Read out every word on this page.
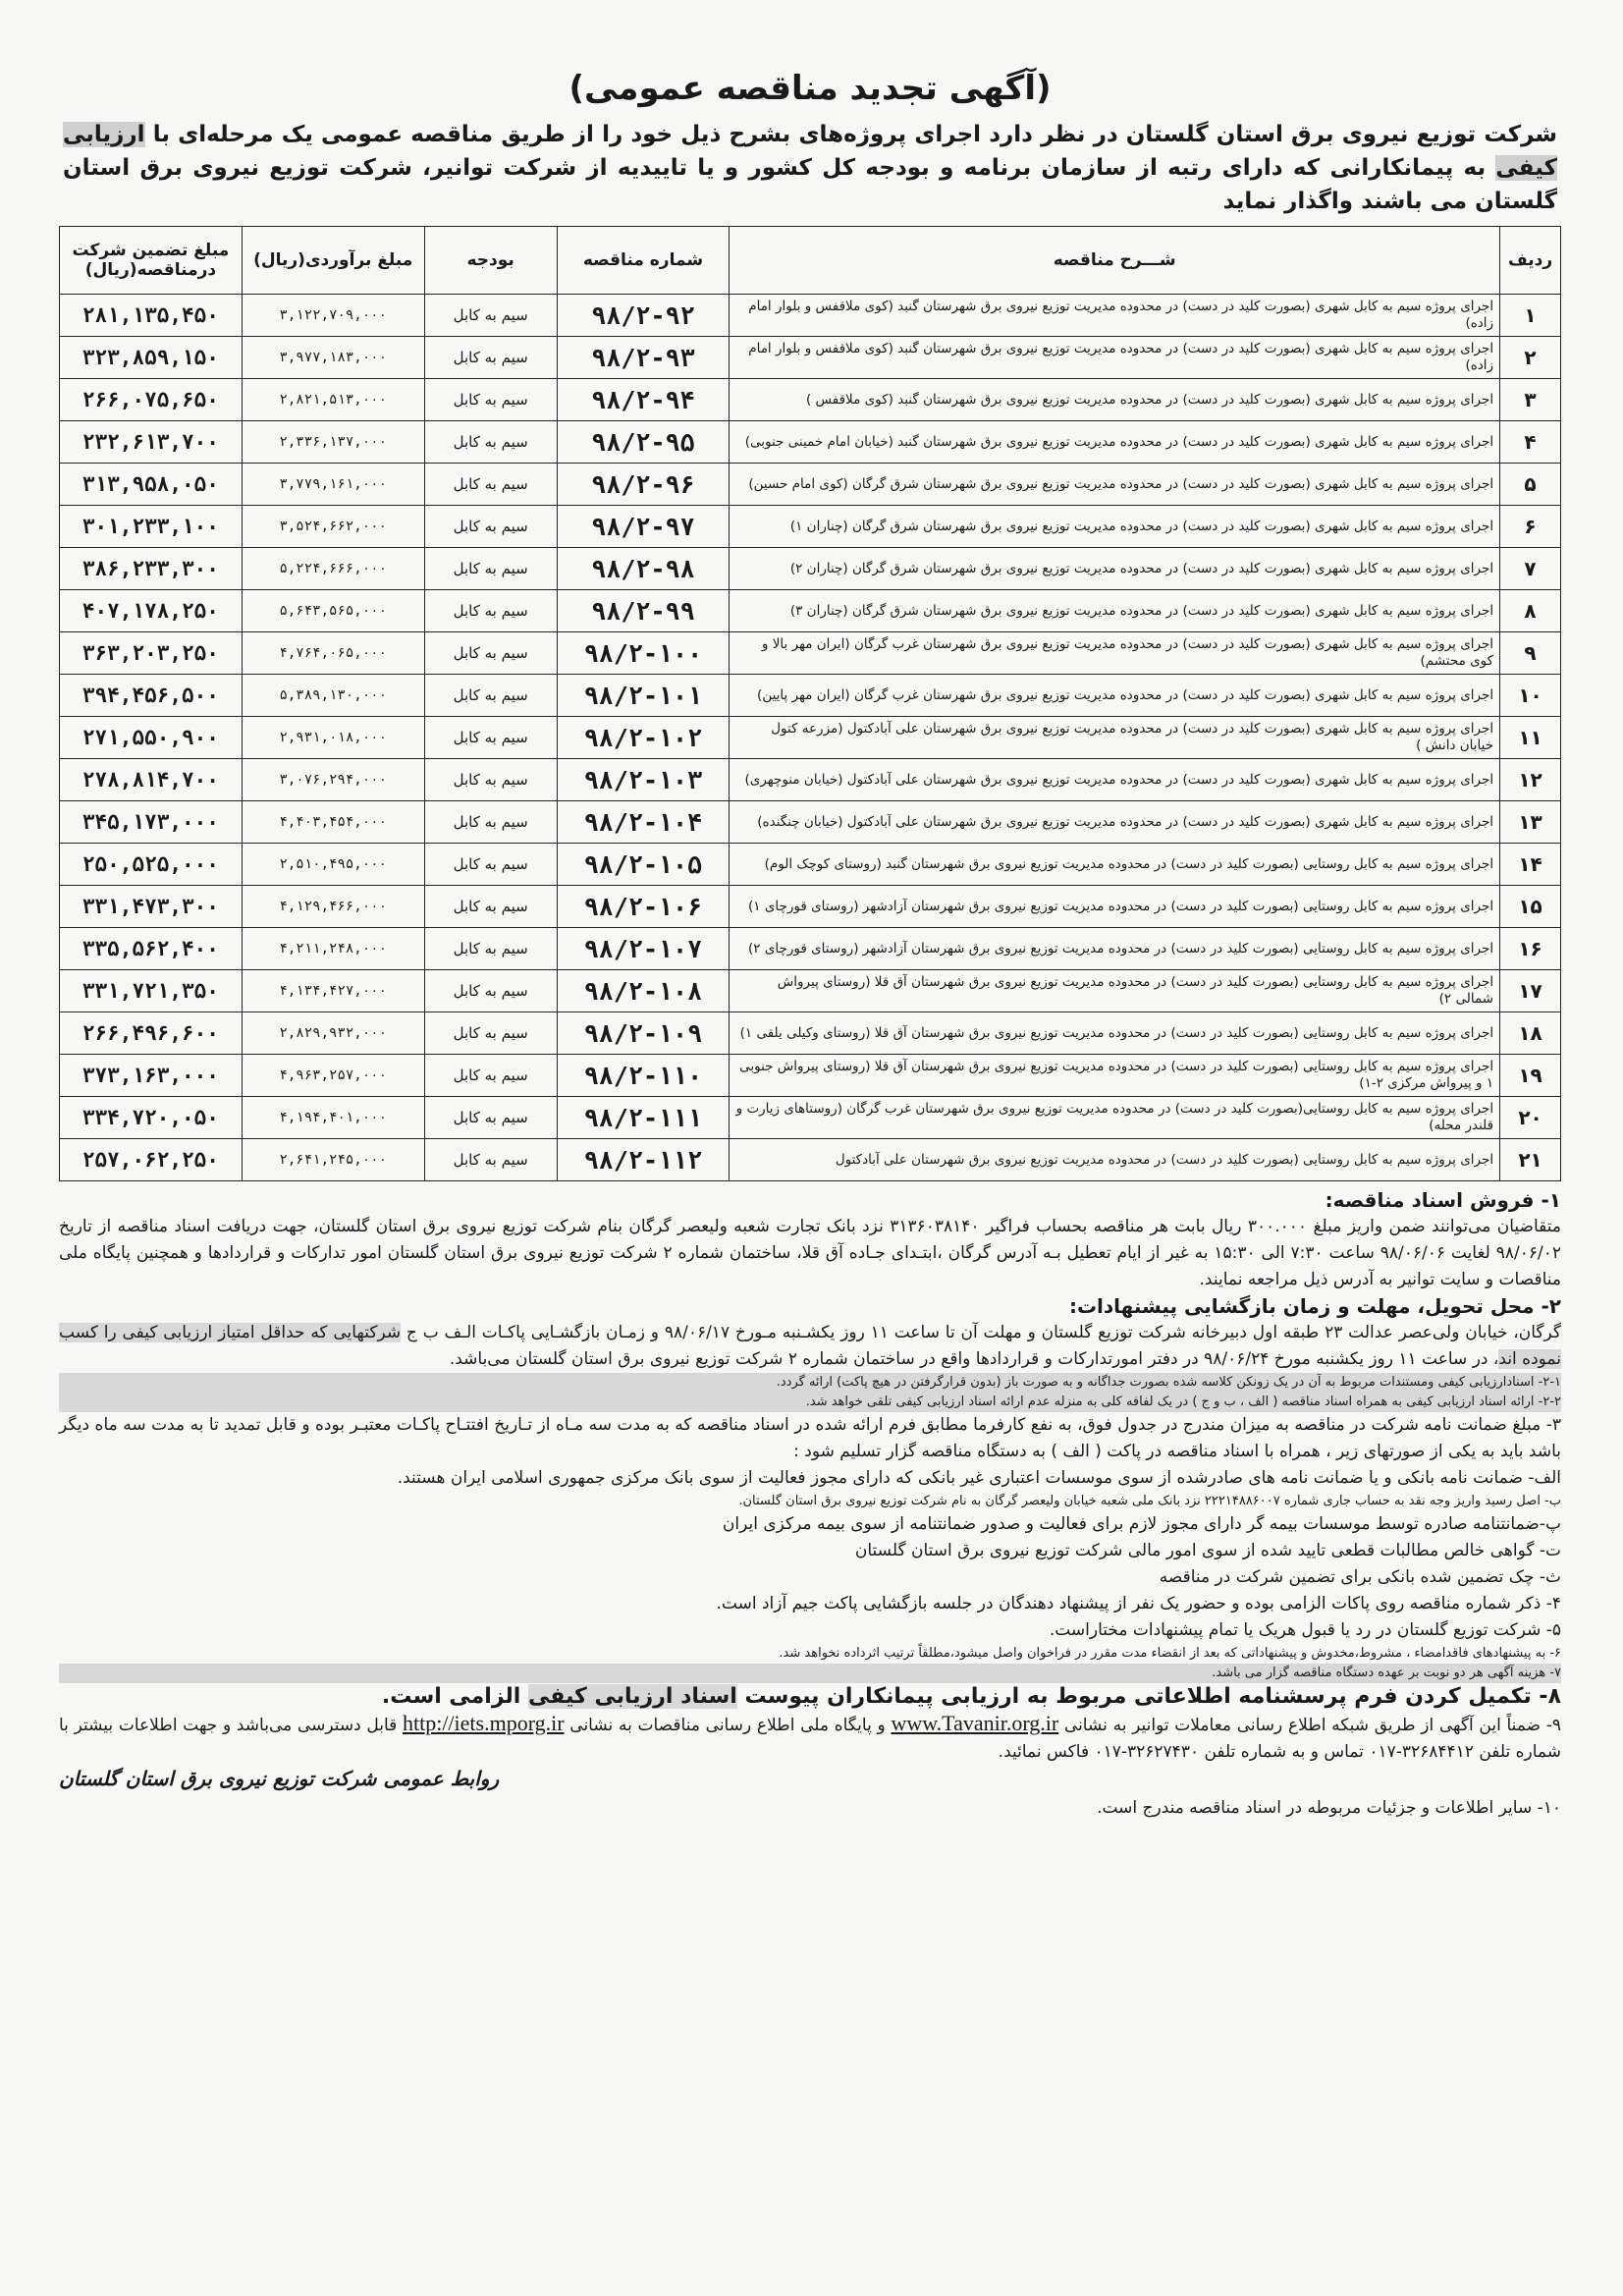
(آگهی تجدید مناقصه عمومی)

شرکت توزیع نیروی برق استان گلستان در نظر دارد اجرای پروژه‌های بشرح ذیل خود را از طریق مناقصه عمومی یک مرحله‌ای با ارزیابی کیفی به پیمانکارانی که دارای رتبه از سازمان برنامه و بودجه کل کشور و یا تاییدیه از شرکت توانیر، شرکت توزیع نیروی برق استان گلستان می باشند واگذار نماید

ردیف	شـــرح مناقصه	شماره مناقصه	بودجه	مبلغ برآوردی(ریال)	مبلغ تضمین شرکت درمناقصه(ریال)
۱	اجرای پروژه سیم به کابل شهری (بصورت کلید در دست) در محدوده مدیریت توزیع نیروی برق شهرستان گنبد (کوی ملاقفس و بلوار امام زاده)	۹۸/۲-۹۲	سیم به کابل	۳,۱۲۲,۷۰۹,۰۰۰	۲۸۱,۱۳۵,۴۵۰
۲	اجرای پروژه سیم به کابل شهری (بصورت کلید در دست) در محدوده مدیریت توزیع نیروی برق شهرستان گنبد (کوی ملاقفس و بلوار امام زاده)	۹۸/۲-۹۳	سیم به کابل	۳,۹۷۷,۱۸۳,۰۰۰	۳۲۳,۸۵۹,۱۵۰
۳	اجرای پروژه سیم به کابل شهری (بصورت کلید در دست) در محدوده مدیریت توزیع نیروی برق شهرستان گنبد (کوی ملاقفس )	۹۸/۲-۹۴	سیم به کابل	۲,۸۲۱,۵۱۳,۰۰۰	۲۶۶,۰۷۵,۶۵۰
۴	اجرای پروژه سیم به کابل شهری (بصورت کلید در دست) در محدوده مدیریت توزیع نیروی برق شهرستان گنبد (خیابان امام خمینی جنوبی)	۹۸/۲-۹۵	سیم به کابل	۲,۳۳۶,۱۳۷,۰۰۰	۲۳۲,۶۱۳,۷۰۰
۵	اجرای پروژه سیم به کابل شهری (بصورت کلید در دست) در محدوده مدیریت توزیع نیروی برق شهرستان شرق گرگان (کوی امام حسین)	۹۸/۲-۹۶	سیم به کابل	۳,۷۷۹,۱۶۱,۰۰۰	۳۱۳,۹۵۸,۰۵۰
۶	اجرای پروژه سیم به کابل شهری (بصورت کلید در دست) در محدوده مدیریت توزیع نیروی برق شهرستان شرق گرگان (چناران ۱)	۹۸/۲-۹۷	سیم به کابل	۳,۵۲۴,۶۶۲,۰۰۰	۳۰۱,۲۳۳,۱۰۰
۷	اجرای پروژه سیم به کابل شهری (بصورت کلید در دست) در محدوده مدیریت توزیع نیروی برق شهرستان شرق گرگان (چناران ۲)	۹۸/۲-۹۸	سیم به کابل	۵,۲۲۴,۶۶۶,۰۰۰	۳۸۶,۲۳۳,۳۰۰
۸	اجرای پروژه سیم به کابل شهری (بصورت کلید در دست) در محدوده مدیریت توزیع نیروی برق شهرستان شرق گرگان (چناران ۳)	۹۸/۲-۹۹	سیم به کابل	۵,۶۴۳,۵۶۵,۰۰۰	۴۰۷,۱۷۸,۲۵۰
۹	اجرای پروژه سیم به کابل شهری (بصورت کلید در دست) در محدوده مدیریت توزیع نیروی برق شهرستان غرب گرگان (ایران مهر بالا و کوی محتشم)	۹۸/۲-۱۰۰	سیم به کابل	۴,۷۶۴,۰۶۵,۰۰۰	۳۶۳,۲۰۳,۲۵۰
۱۰	اجرای پروژه سیم به کابل شهری (بصورت کلید در دست) در محدوده مدیریت توزیع نیروی برق شهرستان غرب گرگان (ایران مهر پایین)	۹۸/۲-۱۰۱	سیم به کابل	۵,۳۸۹,۱۳۰,۰۰۰	۳۹۴,۴۵۶,۵۰۰
۱۱	اجرای پروژه سیم به کابل شهری (بصورت کلید در دست) در محدوده مدیریت توزیع نیروی برق شهرستان علی آبادکتول (مزرعه کتول خیابان دانش )	۹۸/۲-۱۰۲	سیم به کابل	۲,۹۳۱,۰۱۸,۰۰۰	۲۷۱,۵۵۰,۹۰۰
۱۲	اجرای پروژه سیم به کابل شهری (بصورت کلید در دست) در محدوده مدیریت توزیع نیروی برق شهرستان علی آبادکتول (خیابان منوچهری)	۹۸/۲-۱۰۳	سیم به کابل	۳,۰۷۶,۲۹۴,۰۰۰	۲۷۸,۸۱۴,۷۰۰
۱۳	اجرای پروژه سیم به کابل شهری (بصورت کلید در دست) در محدوده مدیریت توزیع نیروی برق شهرستان علی آبادکتول (خیابان چنگنده)	۹۸/۲-۱۰۴	سیم به کابل	۴,۴۰۳,۴۵۴,۰۰۰	۳۴۵,۱۷۳,۰۰۰
۱۴	اجرای پروژه سیم به کابل روستایی (بصورت کلید در دست) در محدوده مدیریت توزیع نیروی برق شهرستان گنبد (روستای کوچک الوم)	۹۸/۲-۱۰۵	سیم به کابل	۲,۵۱۰,۴۹۵,۰۰۰	۲۵۰,۵۲۵,۰۰۰
۱۵	اجرای پروژه سیم به کابل روستایی (بصورت کلید در دست) در محدوده مدیریت توزیع نیروی برق شهرستان آزادشهر (روستای قورچای ۱)	۹۸/۲-۱۰۶	سیم به کابل	۴,۱۲۹,۴۶۶,۰۰۰	۳۳۱,۴۷۳,۳۰۰
۱۶	اجرای پروژه سیم به کابل روستایی (بصورت کلید در دست) در محدوده مدیریت توزیع نیروی برق شهرستان آزادشهر (روستای قورچای ۲)	۹۸/۲-۱۰۷	سیم به کابل	۴,۲۱۱,۲۴۸,۰۰۰	۳۳۵,۵۶۲,۴۰۰
۱۷	اجرای پروژه سیم به کابل روستایی (بصورت کلید در دست) در محدوده مدیریت توزیع نیروی برق شهرستان آق قلا (روستای پیرواش شمالی ۲)	۹۸/۲-۱۰۸	سیم به کابل	۴,۱۳۴,۴۲۷,۰۰۰	۳۳۱,۷۲۱,۳۵۰
۱۸	اجرای پروژه سیم به کابل روستایی (بصورت کلید در دست) در محدوده مدیریت توزیع نیروی برق شهرستان آق قلا (روستای وکیلی یلقی ۱)	۹۸/۲-۱۰۹	سیم به کابل	۲,۸۲۹,۹۳۲,۰۰۰	۲۶۶,۴۹۶,۶۰۰
۱۹	اجرای پروژه سیم به کابل روستایی (بصورت کلید در دست) در محدوده مدیریت توزیع نیروی برق شهرستان آق قلا (روستای پیرواش جنوبی ۱ و پیرواش مرکزی ۲-۱)	۹۸/۲-۱۱۰	سیم به کابل	۴,۹۶۳,۲۵۷,۰۰۰	۳۷۳,۱۶۳,۰۰۰
۲۰	اجرای پروژه سیم به کابل روستایی(بصورت کلید در دست) در محدوده مدیریت توزیع نیروی برق شهرستان غرب گرگان (روستاهای زیارت و قلندر محله)	۹۸/۲-۱۱۱	سیم به کابل	۴,۱۹۴,۴۰۱,۰۰۰	۳۳۴,۷۲۰,۰۵۰
۲۱	اجرای پروژه سیم به کابل روستایی (بصورت کلید در دست) در محدوده مدیریت توزیع نیروی برق شهرستان علی آبادکتول	۹۸/۲-۱۱۲	سیم به کابل	۲,۶۴۱,۲۴۵,۰۰۰	۲۵۷,۰۶۲,۲۵۰

۱- فروش اسناد مناقصه:

متقاضیان می‌توانند ضمن واریز مبلغ ۳۰۰.۰۰۰ ریال بابت هر مناقصه بحساب فراگیر ۳۱۳۶۰۳۸۱۴۰ نزد بانک تجارت شعبه ولیعصر گرگان بنام شرکت توزیع نیروی برق استان گلستان، جهت دریافت اسناد مناقصه از تاریخ ۹۸/۰۶/۰۲ لغایت ۹۸/۰۶/۰۶ ساعت ۷:۳۰ الی ۱۵:۳۰ به غیر از ایام تعطیل بـه آدرس گرگان ،ابتـدای جـاده آق قلا، ساختمان شماره ۲ شرکت توزیع نیروی برق استان گلستان امور تدارکات و قراردادها و همچنین پایگاه ملی مناقصات و سایت توانیر به آدرس ذیل مراجعه نمایند.

۲- محل تحویل، مهلت و زمان بازگشایی پیشنهادات:

گرگان، خیابان ولی‌عصر عدالت ۲۳ طبقه اول دبیرخانه شرکت توزیع گلستان و مهلت آن تا ساعت ۱۱ روز یکشـنبه مـورخ ۹۸/۰۶/۱۷ و زمـان بازگشـایی پاکـات الـف ب ج شرکتهایی که حداقل امتیاز ارزیابی کیفی را کسب نموده اند، در ساعت ۱۱ روز یکشنبه مورخ ۹۸/۰۶/۲۴ در دفتر امورتدارکات و قراردادها واقع در ساختمان شماره ۲ شرکت توزیع نیروی برق استان گلستان می‌باشد.

۲-۱- اسنادارزیابی کیفی ومستندات مربوط به آن در یک زونکن کلاسه شده بصورت جداگانه و به صورت باز (بدون قرارگرفتن در هیچ پاکت) ارائه گردد.

۲-۲- ارائه اسناد ارزیابی کیفی به همراه اسناد مناقصه ( الف ، ب و ج ) در یک لفافه کلی به منزله عدم ارائه اسناد ارزیابی کیفی تلقی خواهد شد.

۳- مبلغ ضمانت نامه شرکت در مناقصه به میزان مندرج در جدول فوق، به نفع کارفرما مطابق فرم ارائه شده در اسناد مناقصه که به مدت سه مـاه از تـاریخ افتتـاح پاکـات معتبـر بوده و قابل تمدید تا به مدت سه ماه دیگر باشد باید به یکی از صورتهای زیر ، همراه با اسناد مناقصه در پاکت ( الف ) به دستگاه مناقصه گزار تسلیم شود :

الف- ضمانت نامه بانکی و یا ضمانت نامه های صادرشده از سوی موسسات اعتباری غیر بانکی که دارای مجوز فعالیت از سوی بانک مرکزی جمهوری اسلامی ایران هستند.

ب- اصل رسید واریز وجه نقد به حساب جاری شماره ۲۲۲۱۴۸۸۶۰۰۷ نزد بانک ملی شعبه خیابان ولیعصر گرگان به نام شرکت توزیع نیروی برق استان گلستان.

پ-ضمانتنامه صادره توسط موسسات بیمه گر دارای مجوز لازم برای فعالیت و صدور ضمانتنامه از سوی بیمه مرکزی ایران

ت- گواهی خالص مطالبات قطعی تایید شده از سوی امور مالی شرکت توزیع نیروی برق استان گلستان

ث- چک تضمین شده بانکی برای تضمین شرکت در مناقصه

۴- ذکر شماره مناقصه روی پاکات الزامی بوده و حضور یک نفر از پیشنهاد دهندگان در جلسه بازگشایی پاکت جیم آزاد است.

۵- شرکت توزیع گلستان در رد یا قبول هریک یا تمام پیشنهادات مختاراست.

۶- به پیشنهادهای فاقدامضاء ، مشروط،مخدوش و پیشنهاداتی که بعد از انقضاء مدت مقرر در فراخوان واصل میشود،مطلقاً ترتیب اثرداده نخواهد شد.

۷- هزینه آگهی هر دو نوبت بر عهده دستگاه مناقصه گزار می باشد.

۸- تکمیل کردن فرم پرسشنامه اطلاعاتی مربوط به ارزیابی پیمانکاران پیوست اسناد ارزیابی کیفی الزامی است.

۹- ضمناً این آگهی از طریق شبکه اطلاع رسانی معاملات توانیر به نشانی www.Tavanir.org.ir و پایگاه ملی اطلاع رسانی مناقصات به نشانی http://iets.mporg.ir قابل دسترسی می‌باشد و جهت اطلاعات بیشتر با شماره تلفن ۳۲۶۸۴۴۱۲-۰۱۷ تماس و به شماره تلفن ۳۲۶۲۷۴۳۰-۰۱۷ فاکس نمائید.

روابط عمومی شرکت توزیع نیروی برق استان گلستان

۱۰- سایر اطلاعات و جزئیات مربوطه در اسناد مناقصه مندرج است.
